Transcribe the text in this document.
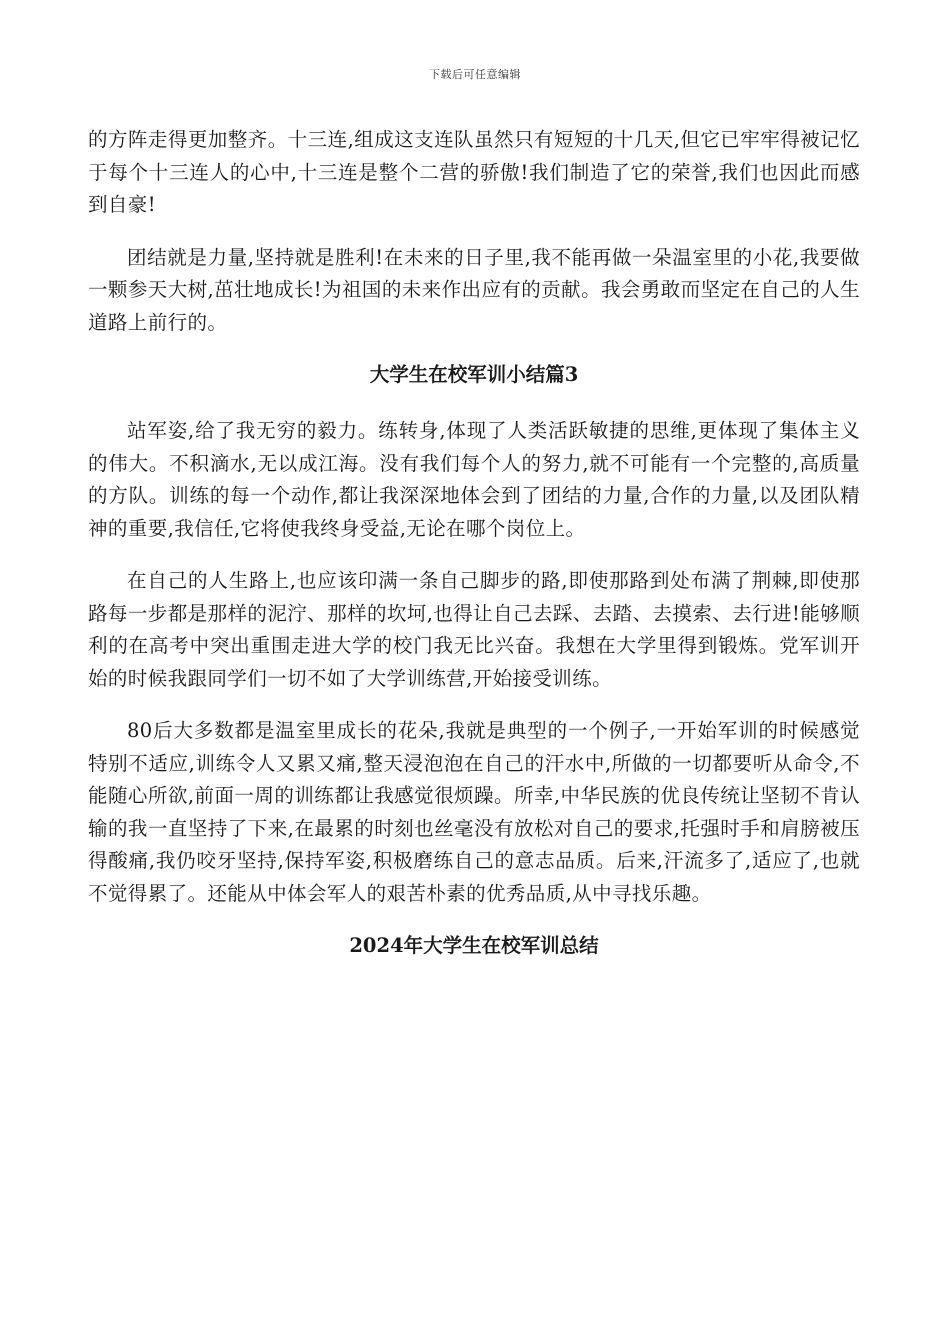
下载后可任意编辑

的方阵走得更加整齐。十三连,组成这支连队虽然只有短短的十几天,但它已牢牢得被记忆于每个十三连人的心中,十三连是整个二营的骄傲!我们制造了它的荣誉,我们也因此而感到自豪!

团结就是力量,坚持就是胜利!在未来的日子里,我不能再做一朵温室里的小花,我要做一颗参天大树,茁壮地成长!为祖国的未来作出应有的贡献。我会勇敢而坚定在自己的人生道路上前行的。

大学生在校军训小结篇3

站军姿,给了我无穷的毅力。练转身,体现了人类活跃敏捷的思维,更体现了集体主义的伟大。不积滴水,无以成江海。没有我们每个人的努力,就不可能有一个完整的,高质量的方队。训练的每一个动作,都让我深深地体会到了团结的力量,合作的力量,以及团队精神的重要,我信任,它将使我终身受益,无论在哪个岗位上。

在自己的人生路上,也应该印满一条自己脚步的路,即使那路到处布满了荆棘,即使那路每一步都是那样的泥泞、那样的坎坷,也得让自己去踩、去踏、去摸索、去行进!能够顺利的在高考中突出重围走进大学的校门我无比兴奋。我想在大学里得到锻炼。党军训开始的时候我跟同学们一切不如了大学训练营,开始接受训练。

80后大多数都是温室里成长的花朵,我就是典型的一个例子,一开始军训的时候感觉特别不适应,训练令人又累又痛,整天浸泡泡在自己的汗水中,所做的一切都要听从命令,不能随心所欲,前面一周的训练都让我感觉很烦躁。所幸,中华民族的优良传统让坚韧不肯认输的我一直坚持了下来,在最累的时刻也丝毫没有放松对自己的要求,托强时手和肩膀被压得酸痛,我仍咬牙坚持,保持军姿,积极磨练自己的意志品质。后来,汗流多了,适应了,也就不觉得累了。还能从中体会军人的艰苦朴素的优秀品质,从中寻找乐趣。

2024年大学生在校军训总结
